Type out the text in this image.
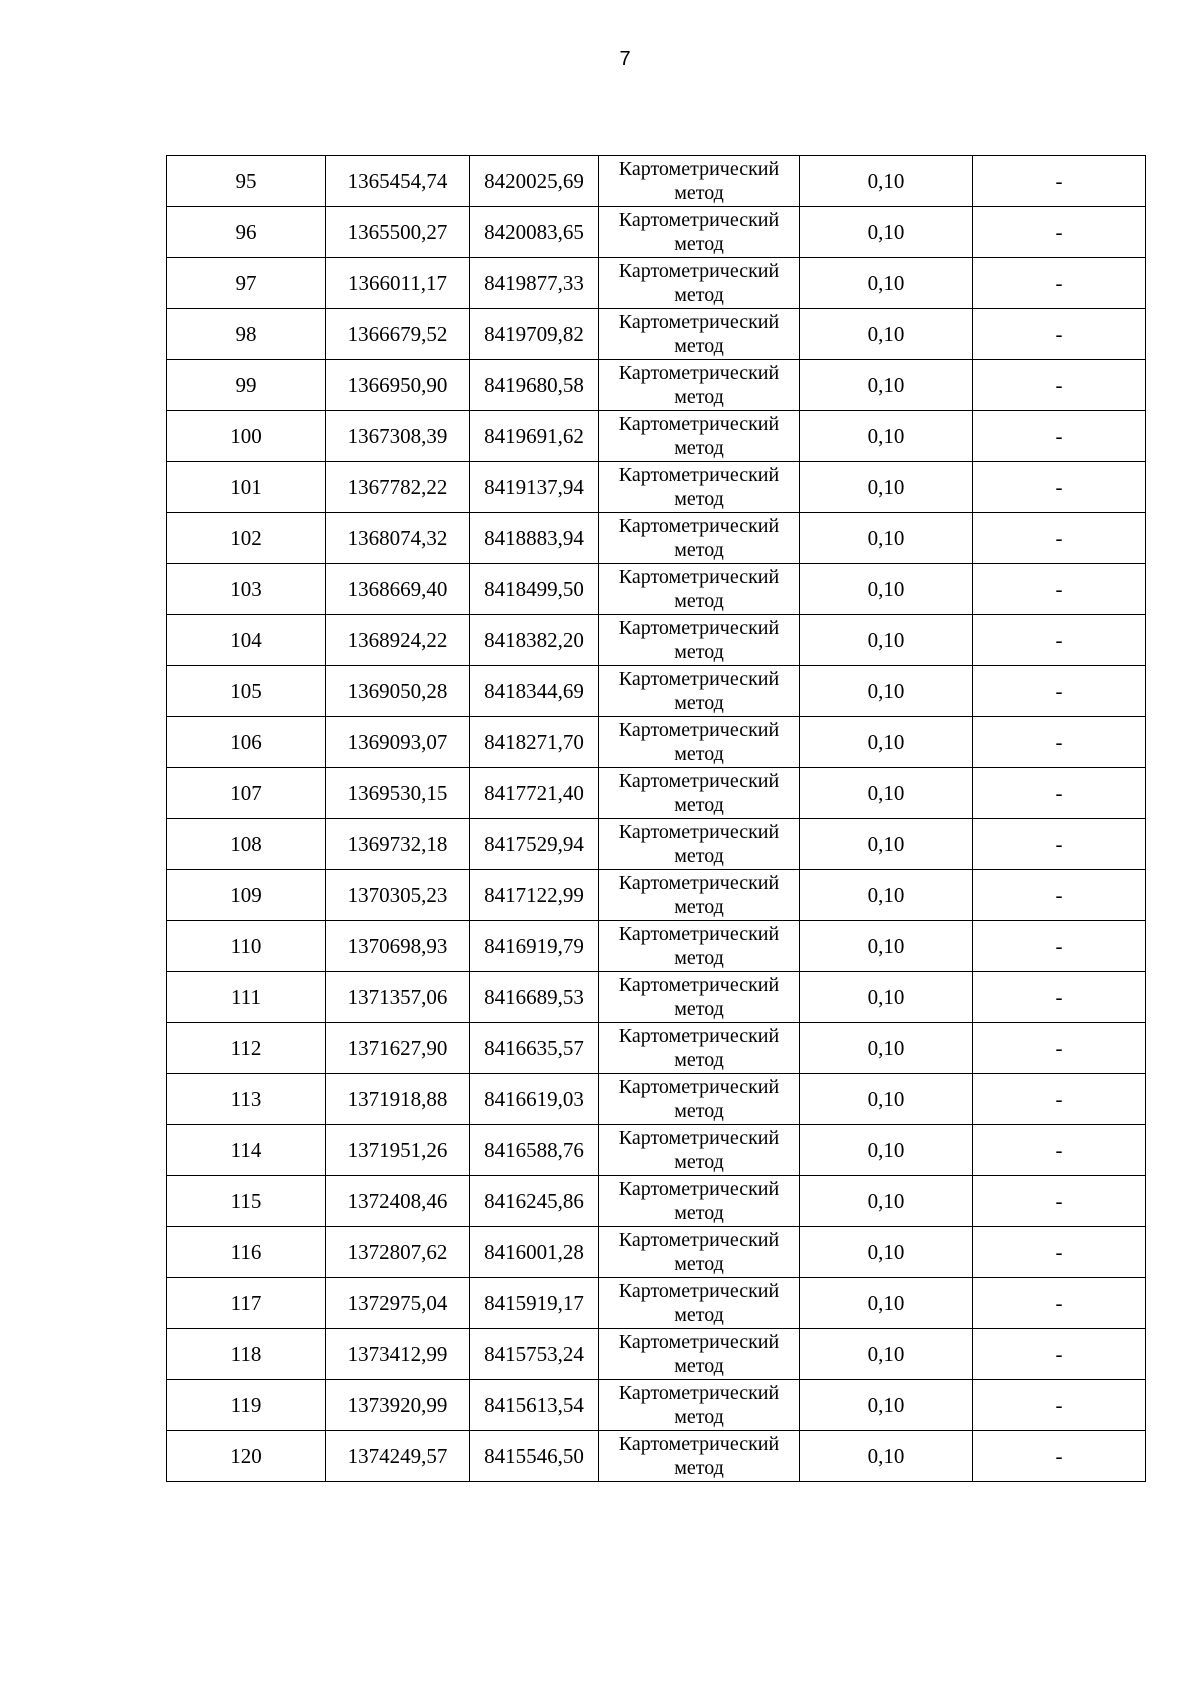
7
95	1365454,74	8420025,69	Картометрический
метод	0,10	-
96	1365500,27	8420083,65	Картометрический
метод	0,10	-
97	1366011,17	8419877,33	Картометрический
метод	0,10	-
98	1366679,52	8419709,82	Картометрический
метод	0,10	-
99	1366950,90	8419680,58	Картометрический
метод	0,10	-
100	1367308,39	8419691,62	Картометрический
метод	0,10	-
101	1367782,22	8419137,94	Картометрический
метод	0,10	-
102	1368074,32	8418883,94	Картометрический
метод	0,10	-
103	1368669,40	8418499,50	Картометрический
метод	0,10	-
104	1368924,22	8418382,20	Картометрический
метод	0,10	-
105	1369050,28	8418344,69	Картометрический
метод	0,10	-
106	1369093,07	8418271,70	Картометрический
метод	0,10	-
107	1369530,15	8417721,40	Картометрический
метод	0,10	-
108	1369732,18	8417529,94	Картометрический
метод	0,10	-
109	1370305,23	8417122,99	Картометрический
метод	0,10	-
110	1370698,93	8416919,79	Картометрический
метод	0,10	-
111	1371357,06	8416689,53	Картометрический
метод	0,10	-
112	1371627,90	8416635,57	Картометрический
метод	0,10	-
113	1371918,88	8416619,03	Картометрический
метод	0,10	-
114	1371951,26	8416588,76	Картометрический
метод	0,10	-
115	1372408,46	8416245,86	Картометрический
метод	0,10	-
116	1372807,62	8416001,28	Картометрический
метод	0,10	-
117	1372975,04	8415919,17	Картометрический
метод	0,10	-
118	1373412,99	8415753,24	Картометрический
метод	0,10	-
119	1373920,99	8415613,54	Картометрический
метод	0,10	-
120	1374249,57	8415546,50	Картометрический
метод	0,10	-
